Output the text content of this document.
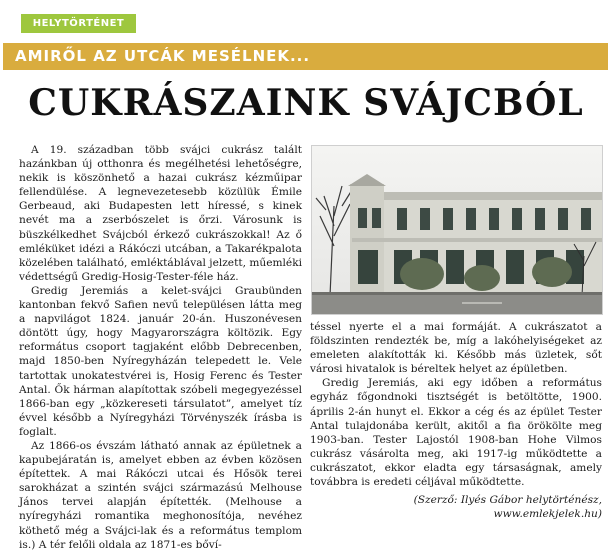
HELYTÖRTÉNET
AMIRŐL AZ UTCÁK MESÉLNEK...
CUKRÁSZAINK SVÁJCBÓL

A 19. században több svájci cukrász talált hazánkban új otthonra és megélhetési lehetőségre, nekik is köszönhető a hazai cukrász kézműipar fellendülése. A legnevezetesebb közülük Émile Gerbeaud, aki Budapesten lett híressé, s kinek nevét ma a zserbószelet is őrzi. Városunk is büszkélkedhet Svájcból érkező cukrászokkal! Az ő emléküket idézi a Rákóczi utcában, a Takarékpalota közelében található, emléktáblával jelzett, műemléki védettségű Gredig-Hosig-Tester-féle ház.

Gredig Jeremiás a kelet-svájci Graubünden kantonban fekvő Safien nevű településen látta meg a napvilágot 1824. január 20-án. Huszonévesen döntött úgy, hogy Magyarországra költözik. Egy református csoport tagjaként előbb Debrecenben, majd 1850-ben Nyíregyházán telepedett le. Vele tartottak unokatestvérei is, Hosig Ferenc és Tester Antal. Ők hárman alapítottak szóbeli megegyezéssel 1866-ban egy „közkereseti társulatot”, amelyet tíz évvel később a Nyíregyházi Törvényszék írásba is foglalt.

Az 1866-os évszám látható annak az épületnek a kapubejáratán is, amelyet ebben az évben közösen építettek. A mai Rákóczi utcai és Hősök terei sarokházat a szintén svájci származású Melhouse János tervei alapján építették. (Melhouse a nyíregyházi romantika meghonosítója, nevéhez köthető még a Svájci-lak és a református templom is.) A tér felőli oldala az 1871-es bőví-

téssel nyerte el a mai formáját. A cukrászatot a földszinten rendezték be, míg a lakóhelyiségeket az emeleten alakították ki. Később más üzletek, sőt városi hivatalok is béreltek helyet az épületben.

Gredig Jeremiás, aki egy időben a református egyház főgondnoki tisztségét is betöltötte, 1900. április 2-án hunyt el. Ekkor a cég és az épület Tester Antal tulajdonába került, akitől a fia örökölte meg 1903-ban. Tester Lajostól 1908-ban Hohe Vilmos cukrász vásárolta meg, aki 1917-ig működtette a cukrászatot, ekkor eladta egy társaságnak, amely továbbra is eredeti céljával működtette.

(Szerző: Ilyés Gábor helytörténész,
www.emlekjelek.hu)
